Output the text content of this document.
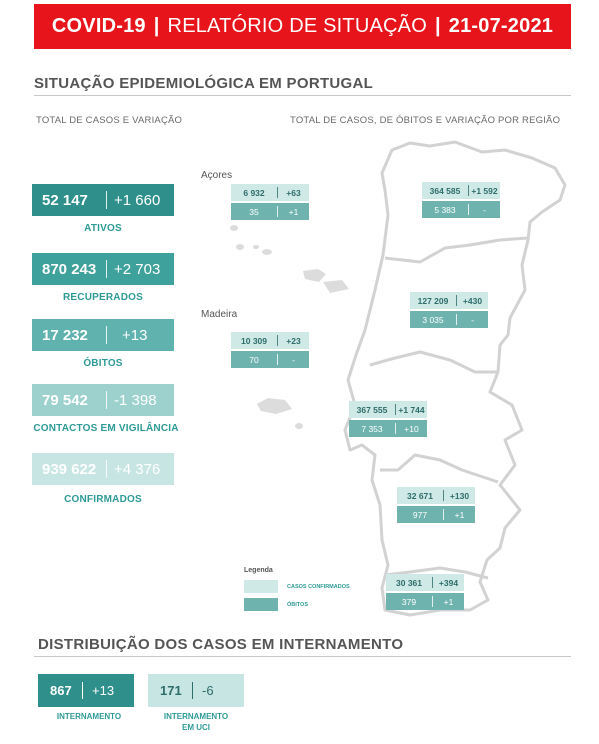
COVID-19 | RELATÓRIO DE SITUAÇÃO | 21-07-2021
SITUAÇÃO EPIDEMIOLÓGICA EM PORTUGAL
TOTAL DE CASOS E VARIAÇÃO	TOTAL DE CASOS, DE ÓBITOS E VARIAÇÃO POR REGIÃO
52 147	+1 660
ATIVOS
870 243	+2 703
RECUPERADOS
17 232	+13
ÓBITOS
79 542	-1 398
CONTACTOS EM VIGILÂNCIA
939 622	+4 376
CONFIRMADOS
Açores
Madeira
6 932	+63
35	+1
10 309	+23
70	-
364 585	+1 592
5 383	-
127 209	+430
3 035	-
367 555	+1 744
7 353	+10
32 671	+130
977	+1
30 361	+394
379	+1
Legenda
CASOS CONFIRMADOS
ÓBITOS
DISTRIBUIÇÃO DOS CASOS EM INTERNAMENTO
867	+13
INTERNAMENTO
171	-6
INTERNAMENTO
EM UCI
